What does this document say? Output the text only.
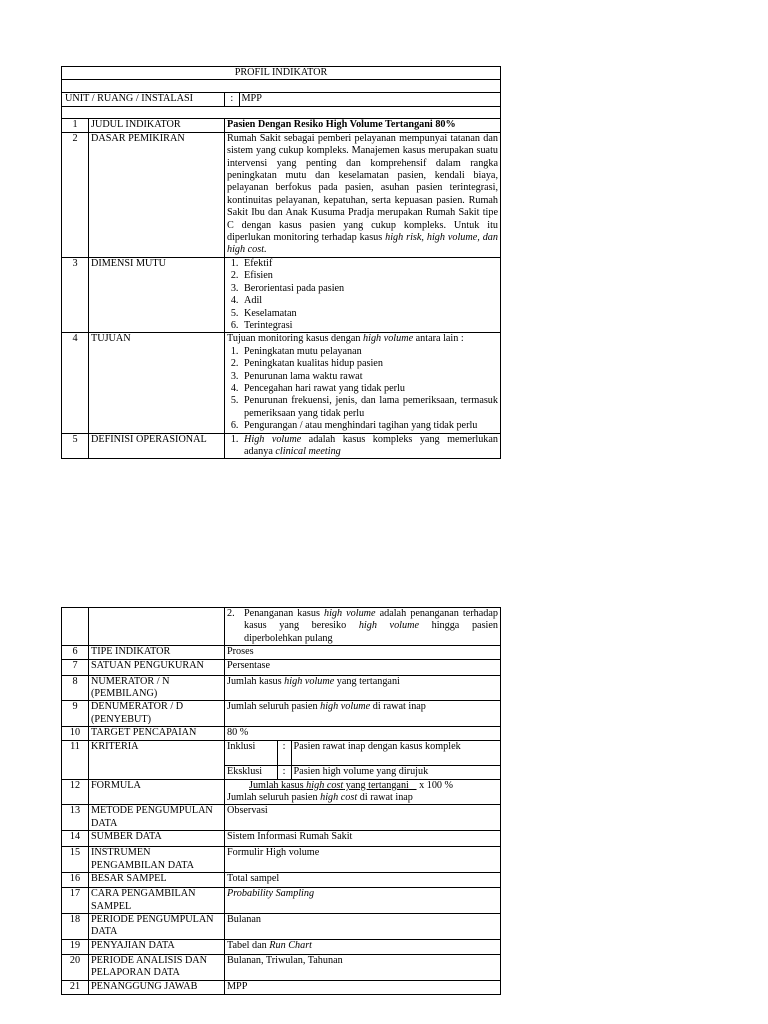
PROFIL INDIKATOR

UNIT / RUANG / INSTALASI		:	MPP

1	JUDUL INDIKATOR	Pasien Dengan Resiko High Volume Tertangani 80%
2	DASAR PEMIKIRAN	Rumah Sakit sebagai pemberi pelayanan mempunyai tatanan dan sistem yang cukup kompleks. Manajemen kasus merupakan suatu intervensi yang penting dan komprehensif dalam rangka peningkatan mutu dan keselamatan pasien, kendali biaya, pelayanan berfokus pada pasien, asuhan pasien terintegrasi, kontinuitas pelayanan, kepatuhan, serta kepuasan pasien. Rumah Sakit Ibu dan Anak Kusuma Pradja merupakan Rumah Sakit tipe C dengan kasus pasien yang cukup kompleks. Untuk itu diperlukan monitoring terhadap kasus high risk, high volume, dan high cost.
3	DIMENSI MUTU	
1.Efektif
2. Efisien
3. Berorientasi pada pasien
4. Adil
5. Keselamatan
6. Terintegrasi

4	TUJUAN	Tujuan monitoring kasus dengan high volume antara lain :
1. Peningkatan mutu pelayanan
2. Peningkatan kualitas hidup pasien
3. Penurunan lama waktu rawat
4. Pencegahan hari rawat yang tidak perlu
5. Penurunan frekuensi, jenis, dan lama pemeriksaan, termasuk pemeriksaan yang tidak perlu
6. Pengurangan / atau menghindari tagihan yang tidak perlu

5	DEFINISI OPERASIONAL	
1.High volume adalah kasus kompleks yang memerlukan adanya clinical meeting

2. Penanganan kasus high volume adalah penanganan terhadap kasus yang beresiko high volume hingga pasien diperbolehkan pulang

6	TIPE INDIKATOR	Proses
7	SATUAN PENGUKURAN	Persentase
8	NUMERATOR / N (PEMBILANG)	Jumlah kasus high volume yang tertangani
9	DENUMERATOR / D (PENYEBUT)	Jumlah seluruh pasien high volume di rawat inap
10	TARGET PENCAPAIAN	80 %
11	KRITERIA		Inklusi	:	Pasien rawat inap dengan kasus komplek
Eksklusi	:	Pasien high volume yang dirujuk

12	FORMULA	Jumlah kasus high cost yang tertangani    x 100 %
Jumlah seluruh pasien high cost di rawat inap

13	METODE PENGUMPULAN DATA	Observasi
14	SUMBER DATA	Sistem Informasi Rumah Sakit
15	INSTRUMEN PENGAMBILAN DATA	Formulir High volume
16	BESAR SAMPEL	Total sampel
17	CARA PENGAMBILAN SAMPEL	Probability Sampling
18	PERIODE PENGUMPULAN DATA	Bulanan
19	PENYAJIAN DATA	Tabel dan Run Chart
20	PERIODE ANALISIS DAN PELAPORAN DATA	Bulanan, Triwulan, Tahunan
21	PENANGGUNG JAWAB	MPP
